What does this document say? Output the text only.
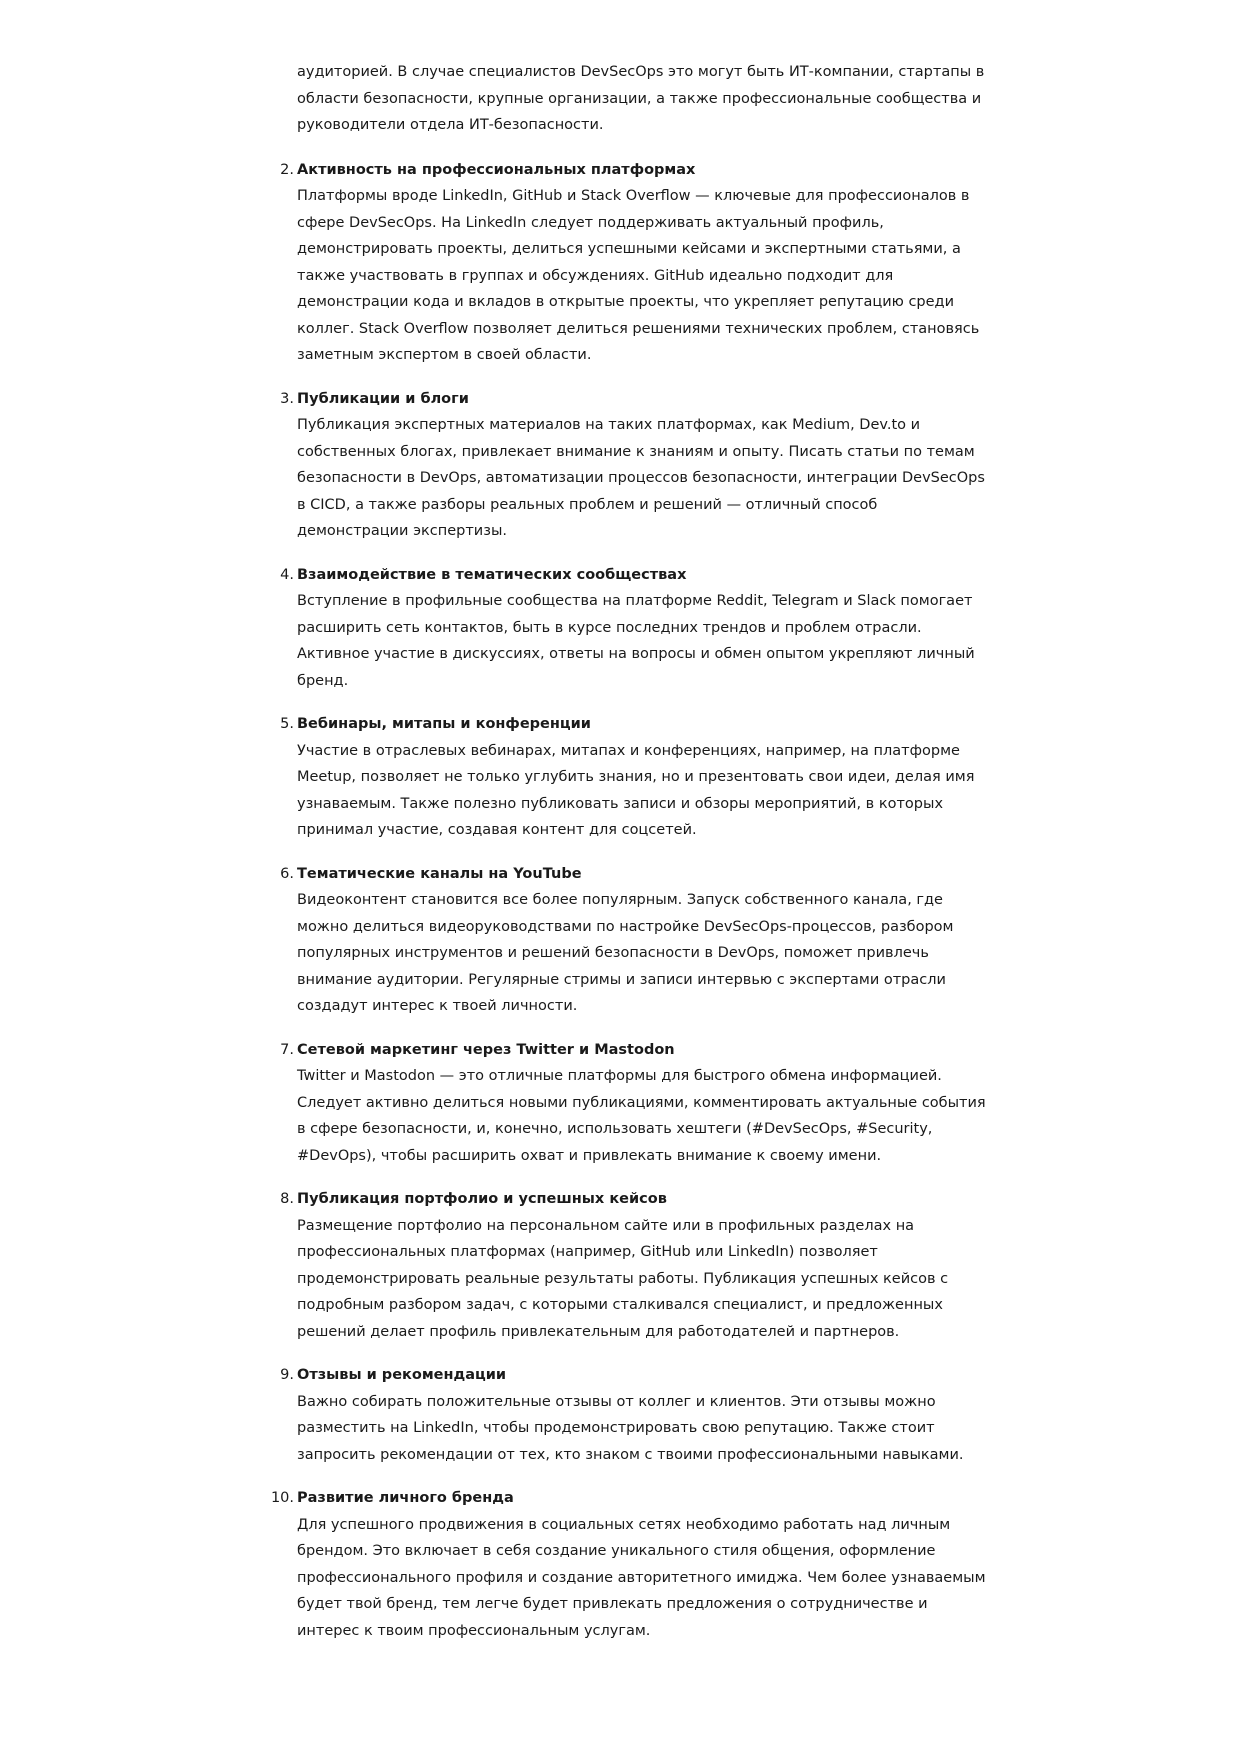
аудиторией. В случае специалистов DevSecOps это могут быть ИТ-компании, стартапы в области безопасности, крупные организации, а также профессиональные сообщества и руководители отдела ИТ-безопасности.

2. Активность на профессиональных платформах

Платформы вроде LinkedIn, GitHub и Stack Overflow — ключевые для профессионалов в сфере DevSecOps. На LinkedIn следует поддерживать актуальный профиль, демонстрировать проекты, делиться успешными кейсами и экспертными статьями, а также участвовать в группах и обсуждениях. GitHub идеально подходит для демонстрации кода и вкладов в открытые проекты, что укрепляет репутацию среди коллег. Stack Overflow позволяет делиться решениями технических проблем, становясь заметным экспертом в своей области.

3. Публикации и блоги

Публикация экспертных материалов на таких платформах, как Medium, Dev.to и собственных блогах, привлекает внимание к знаниям и опыту. Писать статьи по темам безопасности в DevOps, автоматизации процессов безопасности, интеграции DevSecOps в CICD, а также разборы реальных проблем и решений — отличный способ демонстрации экспертизы.

4. Взаимодействие в тематических сообществах

Вступление в профильные сообщества на платформе Reddit, Telegram и Slack помогает расширить сеть контактов, быть в курсе последних трендов и проблем отрасли. Активное участие в дискуссиях, ответы на вопросы и обмен опытом укрепляют личный бренд.

5. Вебинары, митапы и конференции

Участие в отраслевых вебинарах, митапах и конференциях, например, на платформе Meetup, позволяет не только углубить знания, но и презентовать свои идеи, делая имя узнаваемым. Также полезно публиковать записи и обзоры мероприятий, в которых принимал участие, создавая контент для соцсетей.

6. Тематические каналы на YouTube

Видеоконтент становится все более популярным. Запуск собственного канала, где можно делиться видеоруководствами по настройке DevSecOps-процессов, разбором популярных инструментов и решений безопасности в DevOps, поможет привлечь внимание аудитории. Регулярные стримы и записи интервью с экспертами отрасли создадут интерес к твоей личности.

7. Сетевой маркетинг через Twitter и Mastodon

Twitter и Mastodon — это отличные платформы для быстрого обмена информацией. Следует активно делиться новыми публикациями, комментировать актуальные события в сфере безопасности, и, конечно, использовать хештеги (#DevSecOps, #Security, #DevOps), чтобы расширить охват и привлекать внимание к своему имени.

8. Публикация портфолио и успешных кейсов

Размещение портфолио на персональном сайте или в профильных разделах на профессиональных платформах (например, GitHub или LinkedIn) позволяет продемонстрировать реальные результаты работы. Публикация успешных кейсов с подробным разбором задач, с которыми сталкивался специалист, и предложенных решений делает профиль привлекательным для работодателей и партнеров.

9. Отзывы и рекомендации

Важно собирать положительные отзывы от коллег и клиентов. Эти отзывы можно разместить на LinkedIn, чтобы продемонстрировать свою репутацию. Также стоит запросить рекомендации от тех, кто знаком с твоими профессиональными навыками.

10. Развитие личного бренда

Для успешного продвижения в социальных сетях необходимо работать над личным брендом. Это включает в себя создание уникального стиля общения, оформление профессионального профиля и создание авторитетного имиджа. Чем более узнаваемым будет твой бренд, тем легче будет привлекать предложения о сотрудничестве и интерес к твоим профессиональным услугам.
